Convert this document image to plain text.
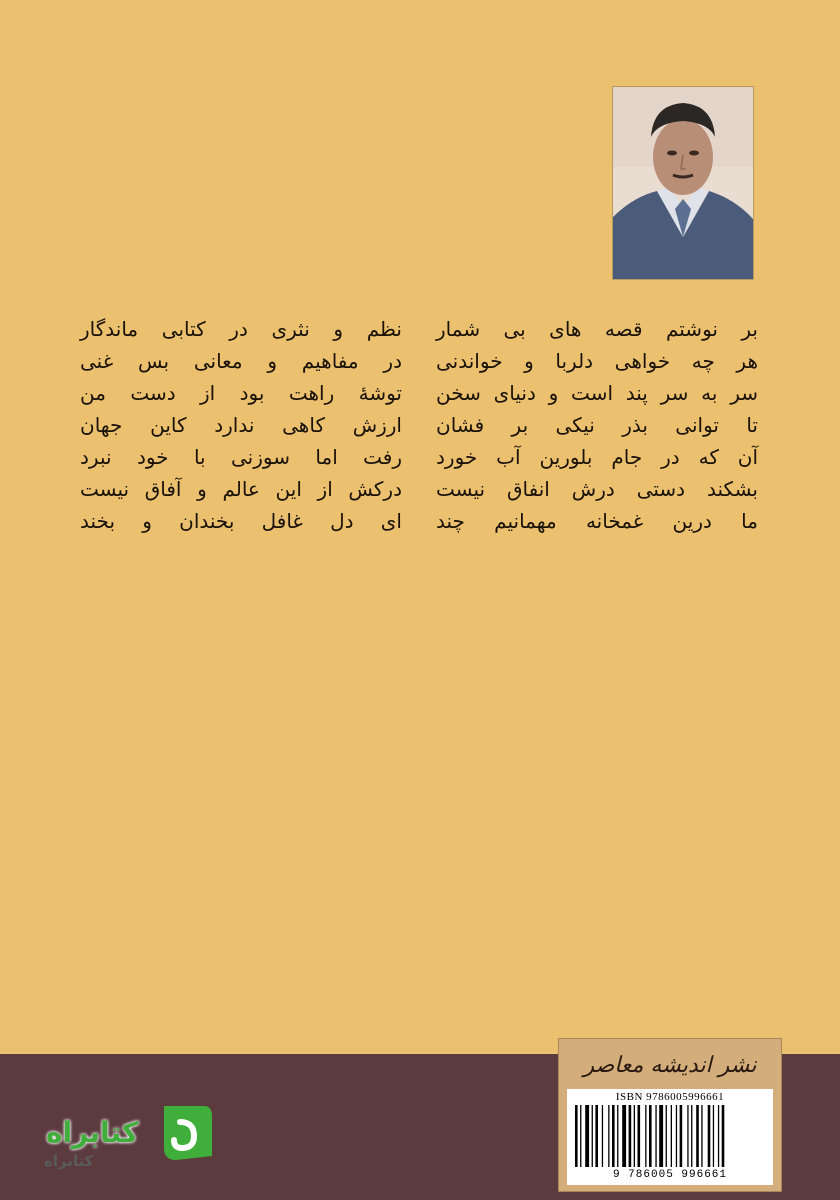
بر نوشتم قصه های بی شمار
هر چه خواهی دلربا و خواندنی
سر به سر پند است و دنیای سخن
تا توانی بذر نیکی بر فشان
آن که در جام بلورین آب خورد
بشکند دستی درش انفاق نیست
ما درین غمخانه مهمانیم چند
نظم و نثری در کتابی ماندگار
در مفاهیم و معانی بس غنی
توشهٔ راهت بود از دست من
ارزش کاهی ندارد کاین جهان
رفت اما سوزنی با خود نبرد
درکش از این عالم و آفاق نیست
ای دل غافل بخندان و بخند
نشر اندیشه معاصر
ISBN 9786005996661
9 786005 996661
کتابراه
کتابراه
